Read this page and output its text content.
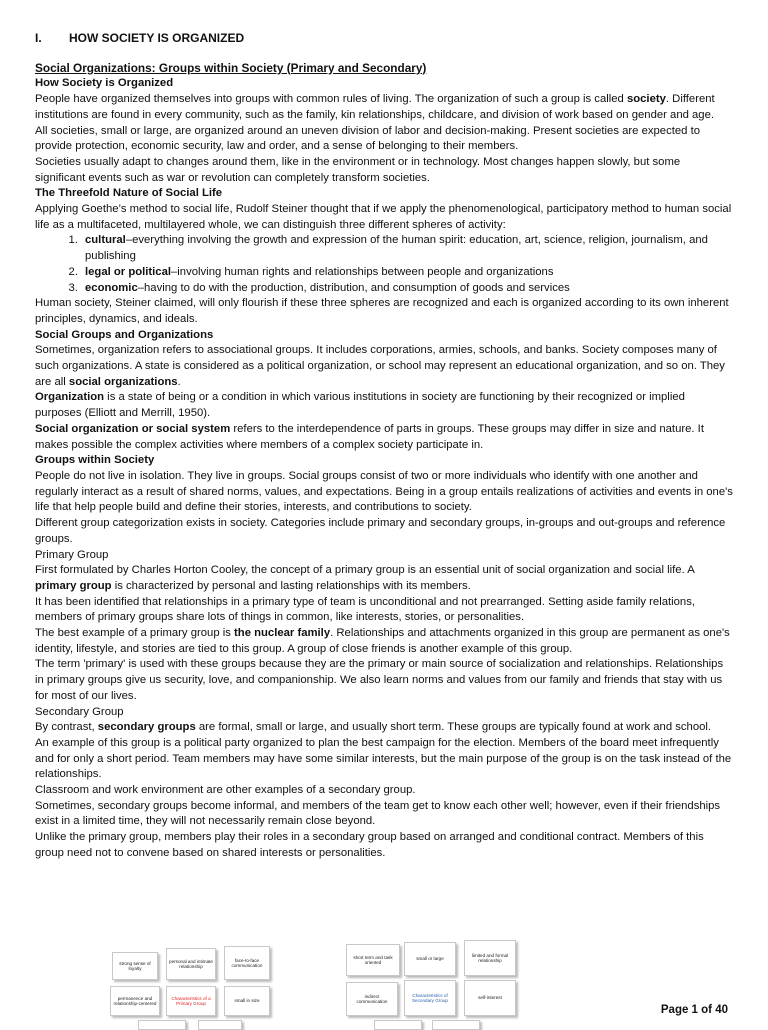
I.	HOW SOCIETY IS ORGANIZED
Social Organizations: Groups within Society (Primary and Secondary)
How Society is Organized

People have organized themselves into groups with common rules of living. The organization of such a group is called society. Different institutions are found in every community, such as the family, kin relationships, childcare, and division of work based on gender and age.

All societies, small or large, are organized around an uneven division of labor and decision-making. Present societies are expected to provide protection, economic security, law and order, and a sense of belonging to their members.

Societies usually adapt to changes around them, like in the environment or in technology. Most changes happen slowly, but some significant events such as war or revolution can completely transform societies.

The Threefold Nature of Social Life

Applying Goethe’s method to social life, Rudolf Steiner thought that if we apply the phenomenological, participatory method to human social life as a multifaceted, multilayered whole, we can distinguish three different spheres of activity:

1. cultural–everything involving the growth and expression of the human spirit: education, art, science, religion, journalism, and publishing
2. legal or political–involving human rights and relationships between people and organizations
3. economic–having to do with the production, distribution, and consumption of goods and services

Human society, Steiner claimed, will only flourish if these three spheres are recognized and each is organized according to its own inherent principles, dynamics, and ideals.

Social Groups and Organizations

Sometimes, organization refers to associational groups. It includes corporations, armies, schools, and banks. Society composes many of such organizations. A state is considered as a political organization, or school may represent an educational organization, and so on. They are all social organizations.

Organization is a state of being or a condition in which various institutions in society are functioning by their recognized or implied purposes (Elliott and Merrill, 1950).

Social organization or social system refers to the interdependence of parts in groups. These groups may differ in size and nature. It makes possible the complex activities where members of a complex society participate in.

Groups within Society

People do not live in isolation. They live in groups. Social groups consist of two or more individuals who identify with one another and regularly interact as a result of shared norms, values, and expectations. Being in a group entails realizations of activities and events in one's life that help people build and define their stories, interests, and contributions to society.

Different group categorization exists in society. Categories include primary and secondary groups, in-groups and out-groups and reference groups.

Primary Group

First formulated by Charles Horton Cooley, the concept of a primary group is an essential unit of social organization and social life. A primary group is characterized by personal and lasting relationships with its members.

It has been identified that relationships in a primary type of team is unconditional and not prearranged. Setting aside family relations, members of primary groups share lots of things in common, like interests, stories, or personalities.

The best example of a primary group is the nuclear family. Relationships and attachments organized in this group are permanent as one's identity, lifestyle, and stories are tied to this group. A group of close friends is another example of this group.

The term 'primary' is used with these groups because they are the primary or main source of socialization and relationships. Relationships in primary groups give us security, love, and companionship. We also learn norms and values from our family and friends that stay with us for most of our lives.

Secondary Group

By contrast, secondary groups are formal, small or large, and usually short term. These groups are typically found at work and school.

An example of this group is a political party organized to plan the best campaign for the election. Members of the board meet infrequently and for only a short period. Team members may have some similar interests, but the main purpose of the group is on the task instead of the relationships.

Classroom and work environment are other examples of a secondary group.

Sometimes, secondary groups become informal, and members of the team get to know each other well; however, even if their friendships exist in a limited time, they will not necessarily remain close beyond.

Unlike the primary group, members play their roles in a secondary group based on arranged and conditional contract. Members of this group need not to convene based on shared interests or personalities.

strong sense of loyalty
personal and intimate relationship
face-to-face communication
permanence and relationship-centered
Characteristics of a Primary Group
small in size
short term and task oriented
small or large
limited and formal relationship
indirect communication
Characteristics of Secondary Group
self-interest
Page 1 of 40
